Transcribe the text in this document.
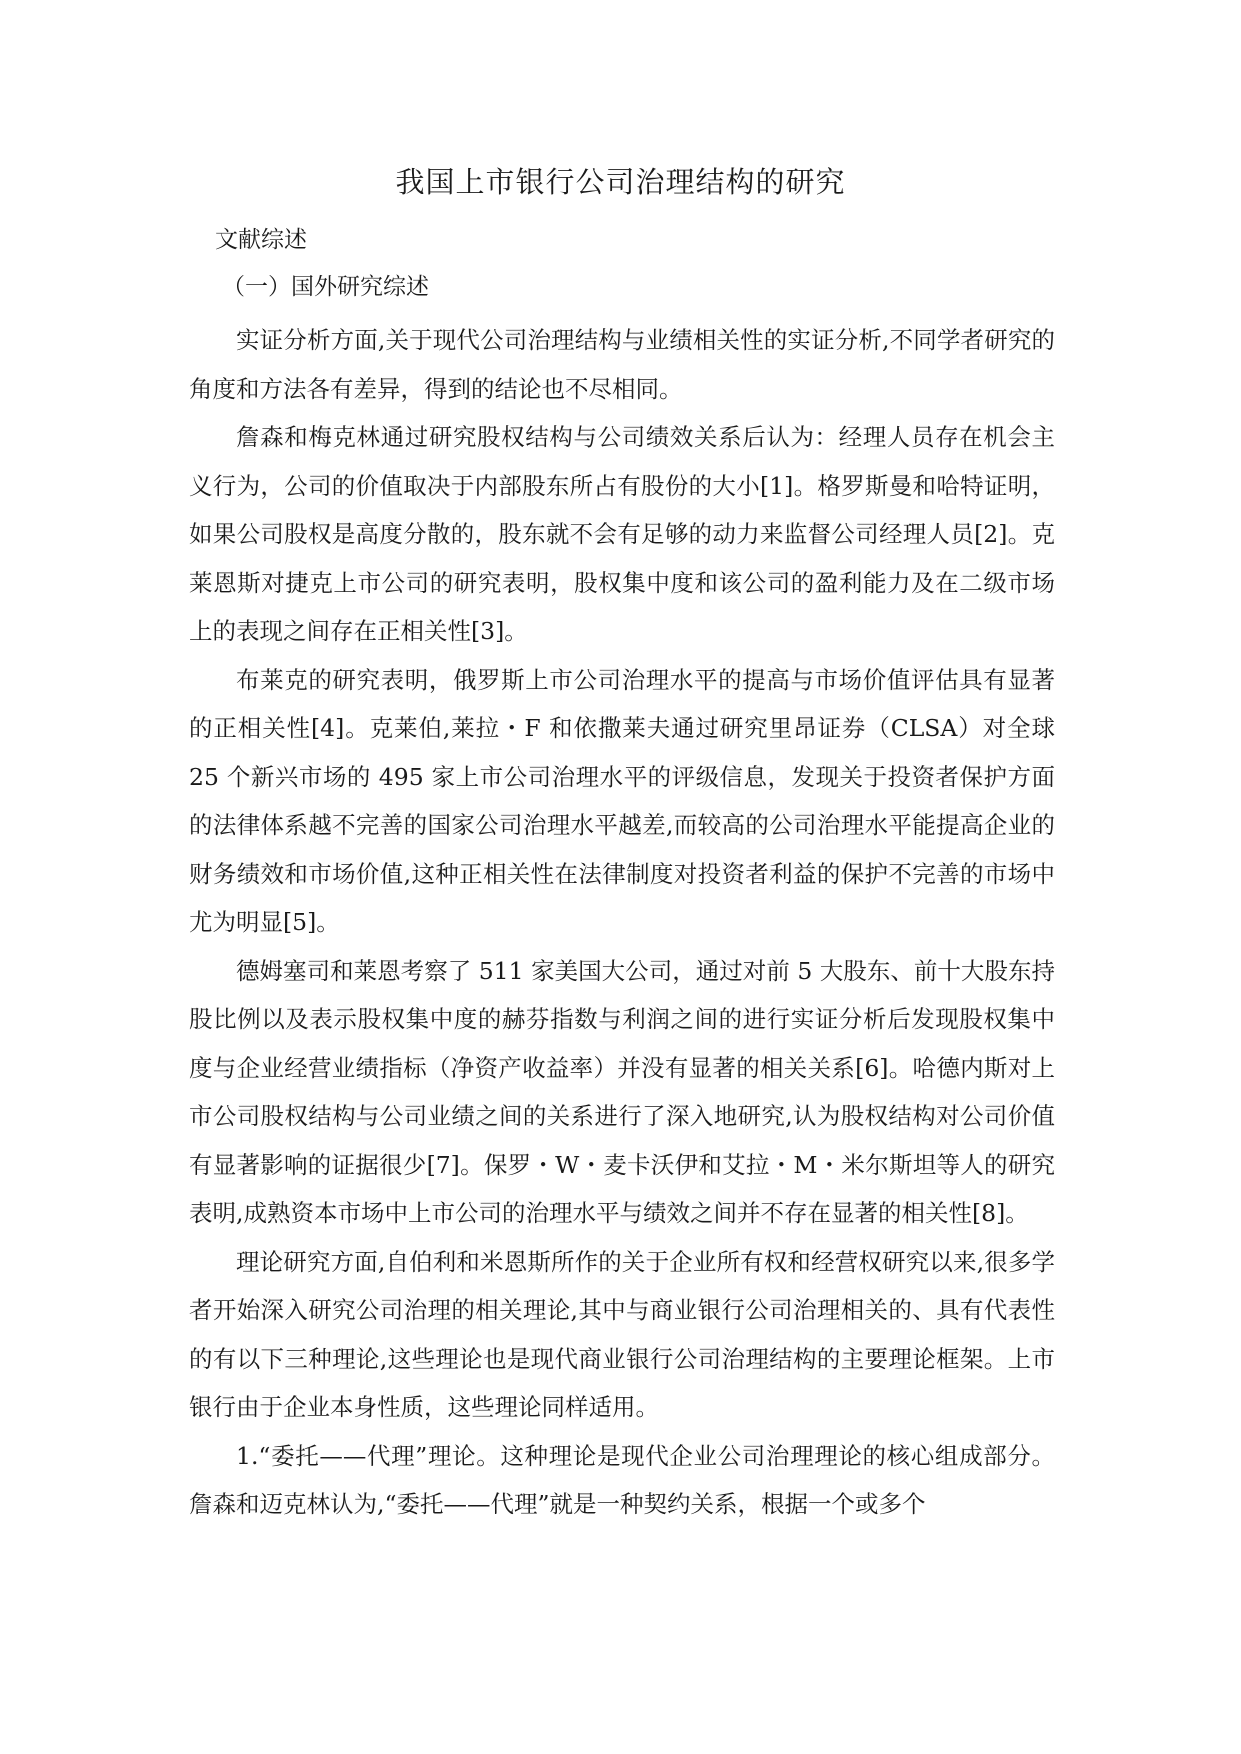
我国上市银行公司治理结构的研究
文献综述
（一）国外研究综述

实证分析方面,关于现代公司治理结构与业绩相关性的实证分析,不同学者研究的角度和方法各有差异，得到的结论也不尽相同。

詹森和梅克林通过研究股权结构与公司绩效关系后认为：经理人员存在机会主义行为，公司的价值取决于内部股东所占有股份的大小[1]。格罗斯曼和哈特证明，如果公司股权是高度分散的，股东就不会有足够的动力来监督公司经理人员[2]。克莱恩斯对捷克上市公司的研究表明，股权集中度和该公司的盈利能力及在二级市场上的表现之间存在正相关性[3]。

布莱克的研究表明，俄罗斯上市公司治理水平的提高与市场价值评估具有显著的正相关性[4]。克莱伯,莱拉・F 和依撒莱夫通过研究里昂证券（CLSA）对全球 25 个新兴市场的 495 家上市公司治理水平的评级信息，发现关于投资者保护方面的法律体系越不完善的国家公司治理水平越差,而较高的公司治理水平能提高企业的财务绩效和市场价值,这种正相关性在法律制度对投资者利益的保护不完善的市场中尤为明显[5]。

德姆塞司和莱恩考察了 511 家美国大公司，通过对前 5 大股东、前十大股东持股比例以及表示股权集中度的赫芬指数与利润之间的进行实证分析后发现股权集中度与企业经营业绩指标（净资产收益率）并没有显著的相关关系[6]。哈德内斯对上市公司股权结构与公司业绩之间的关系进行了深入地研究,认为股权结构对公司价值有显著影响的证据很少[7]。保罗・W・麦卡沃伊和艾拉・M・米尔斯坦等人的研究表明,成熟资本市场中上市公司的治理水平与绩效之间并不存在显著的相关性[8]。

理论研究方面,自伯利和米恩斯所作的关于企业所有权和经营权研究以来,很多学者开始深入研究公司治理的相关理论,其中与商业银行公司治理相关的、具有代表性的有以下三种理论,这些理论也是现代商业银行公司治理结构的主要理论框架。上市银行由于企业本身性质，这些理论同样适用。

1.“委托——代理”理论。这种理论是现代企业公司治理理论的核心组成部分。詹森和迈克林认为,“委托——代理”就是一种契约关系，根据一个或多个
